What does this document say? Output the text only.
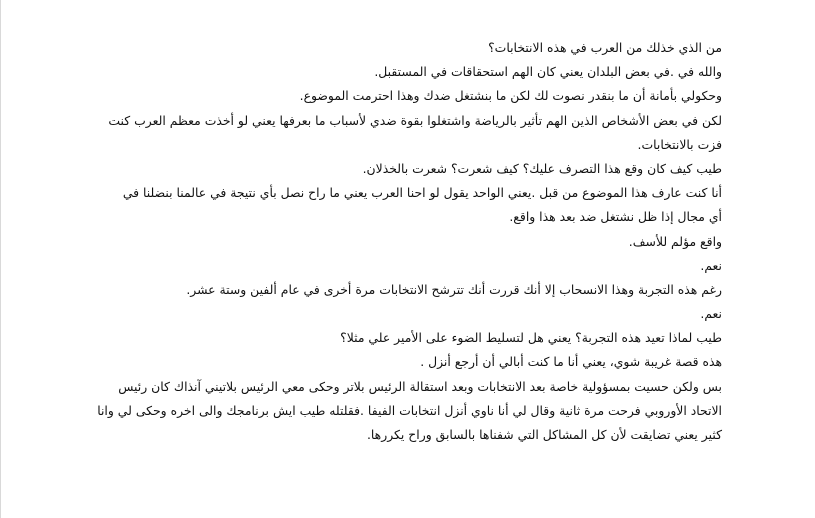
من الذي خذلك من العرب في هذه الانتخابات؟
والله في .في بعض البلدان يعني كان الهم استحقاقات في المستقبل.
وحكولي بأمانة أن ما بنقدر نصوت لك لكن ما بنشتغل ضدك وهذا احترمت الموضوع.
لكن في بعض الأشخاص الذين الهم تأثير بالرياضة واشتغلوا بقوة ضدي لأسباب ما بعرفها يعني لو أخذت معظم العرب كنت
فزت بالانتخابات.
طيب كيف كان وقع هذا التصرف عليك؟ كيف شعرت؟ شعرت بالخذلان.
أنا كنت عارف هذا الموضوع من قبل .يعني الواحد يقول لو احنا العرب يعني ما راح نصل بأي نتيجة في عالمنا بنضلنا في
أي مجال إذا ظل نشتغل ضد بعد هذا واقع.
واقع مؤلم للأسف.
نعم.
رغم هذه التجربة وهذا الانسحاب إلا أنك قررت أنك تترشح الانتخابات مرة أخرى في عام ألفين وستة عشر.
نعم.
طيب لماذا تعيد هذه التجربة؟ يعني هل لتسليط الضوء على الأمير علي مثلا؟
هذه قصة غريبة شوي، يعني أنا ما كنت أبالي أن أرجع أنزل .
بس ولكن حسيت بمسؤولية خاصة بعد الانتخابات وبعد استقالة الرئيس بلاتر وحكى معي الرئيس بلاتيني آنذاك كان رئيس
الاتحاد الأوروبي فرحت مرة ثانية وقال لي أنا ناوي أنزل انتخابات الفيفا .فقلتله طيب ايش برنامجك والى اخره وحكى لي وانا
كثير يعني تضايقت لأن كل المشاكل التي شفناها بالسابق وراح يكررها.
